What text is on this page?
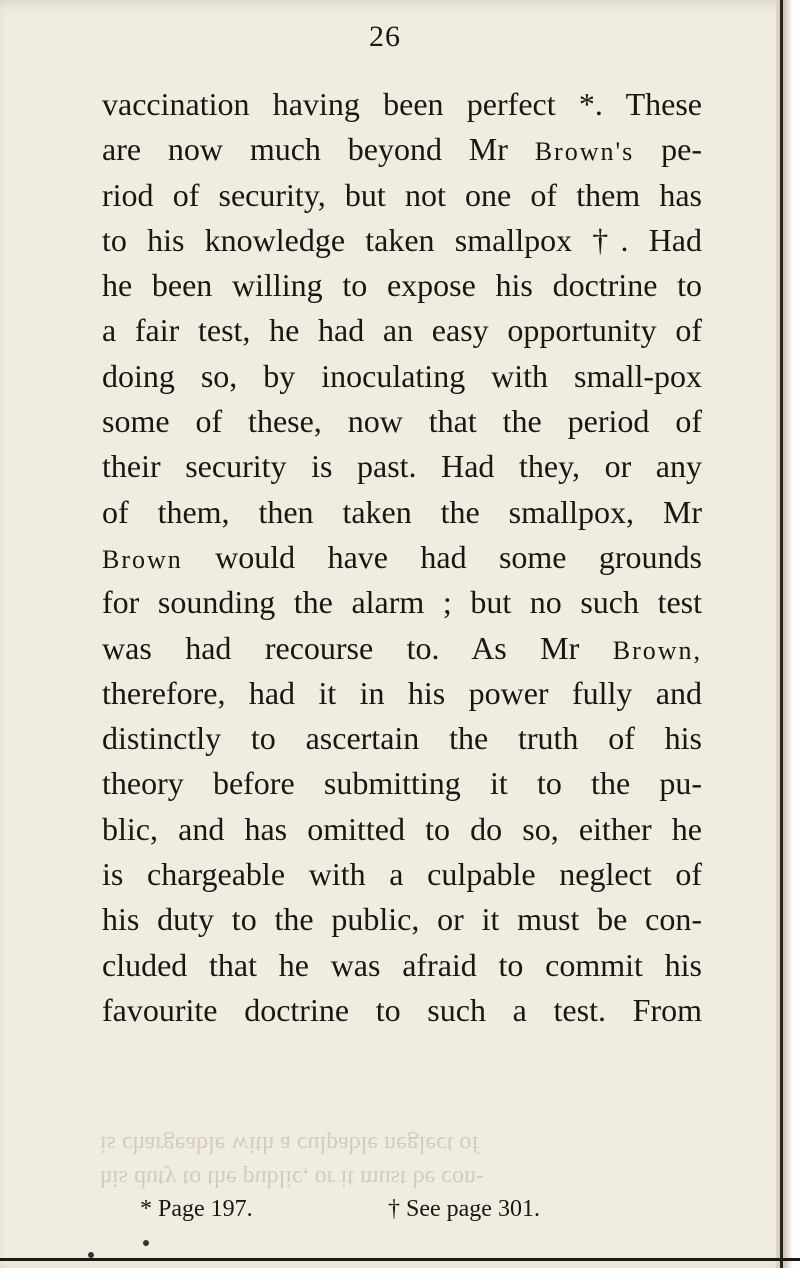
26
vaccination having been perfect *. These
are now much beyond Mr Brown's pe-
riod of security, but not one of them has
to his knowledge taken smallpox †. Had
he been willing to expose his doctrine to
a fair test, he had an easy opportunity of
doing so, by inoculating with small-pox
some of these, now that the period of
their security is past. Had they, or any
of them, then taken the smallpox, Mr
Brown would have had some grounds
for sounding the alarm ; but no such test
was had recourse to. As Mr Brown,
therefore, had it in his power fully and
distinctly to ascertain the truth of his
theory before submitting it to the pu-
blic, and has omitted to do so, either he
is chargeable with a culpable neglect of
his duty to the public, or it must be con-
cluded that he was afraid to commit his
favourite doctrine to such a test. From
his duty to the public, or it must be con-
is chargeable with a culpable neglect of
* Page 197.	† See page 301.
